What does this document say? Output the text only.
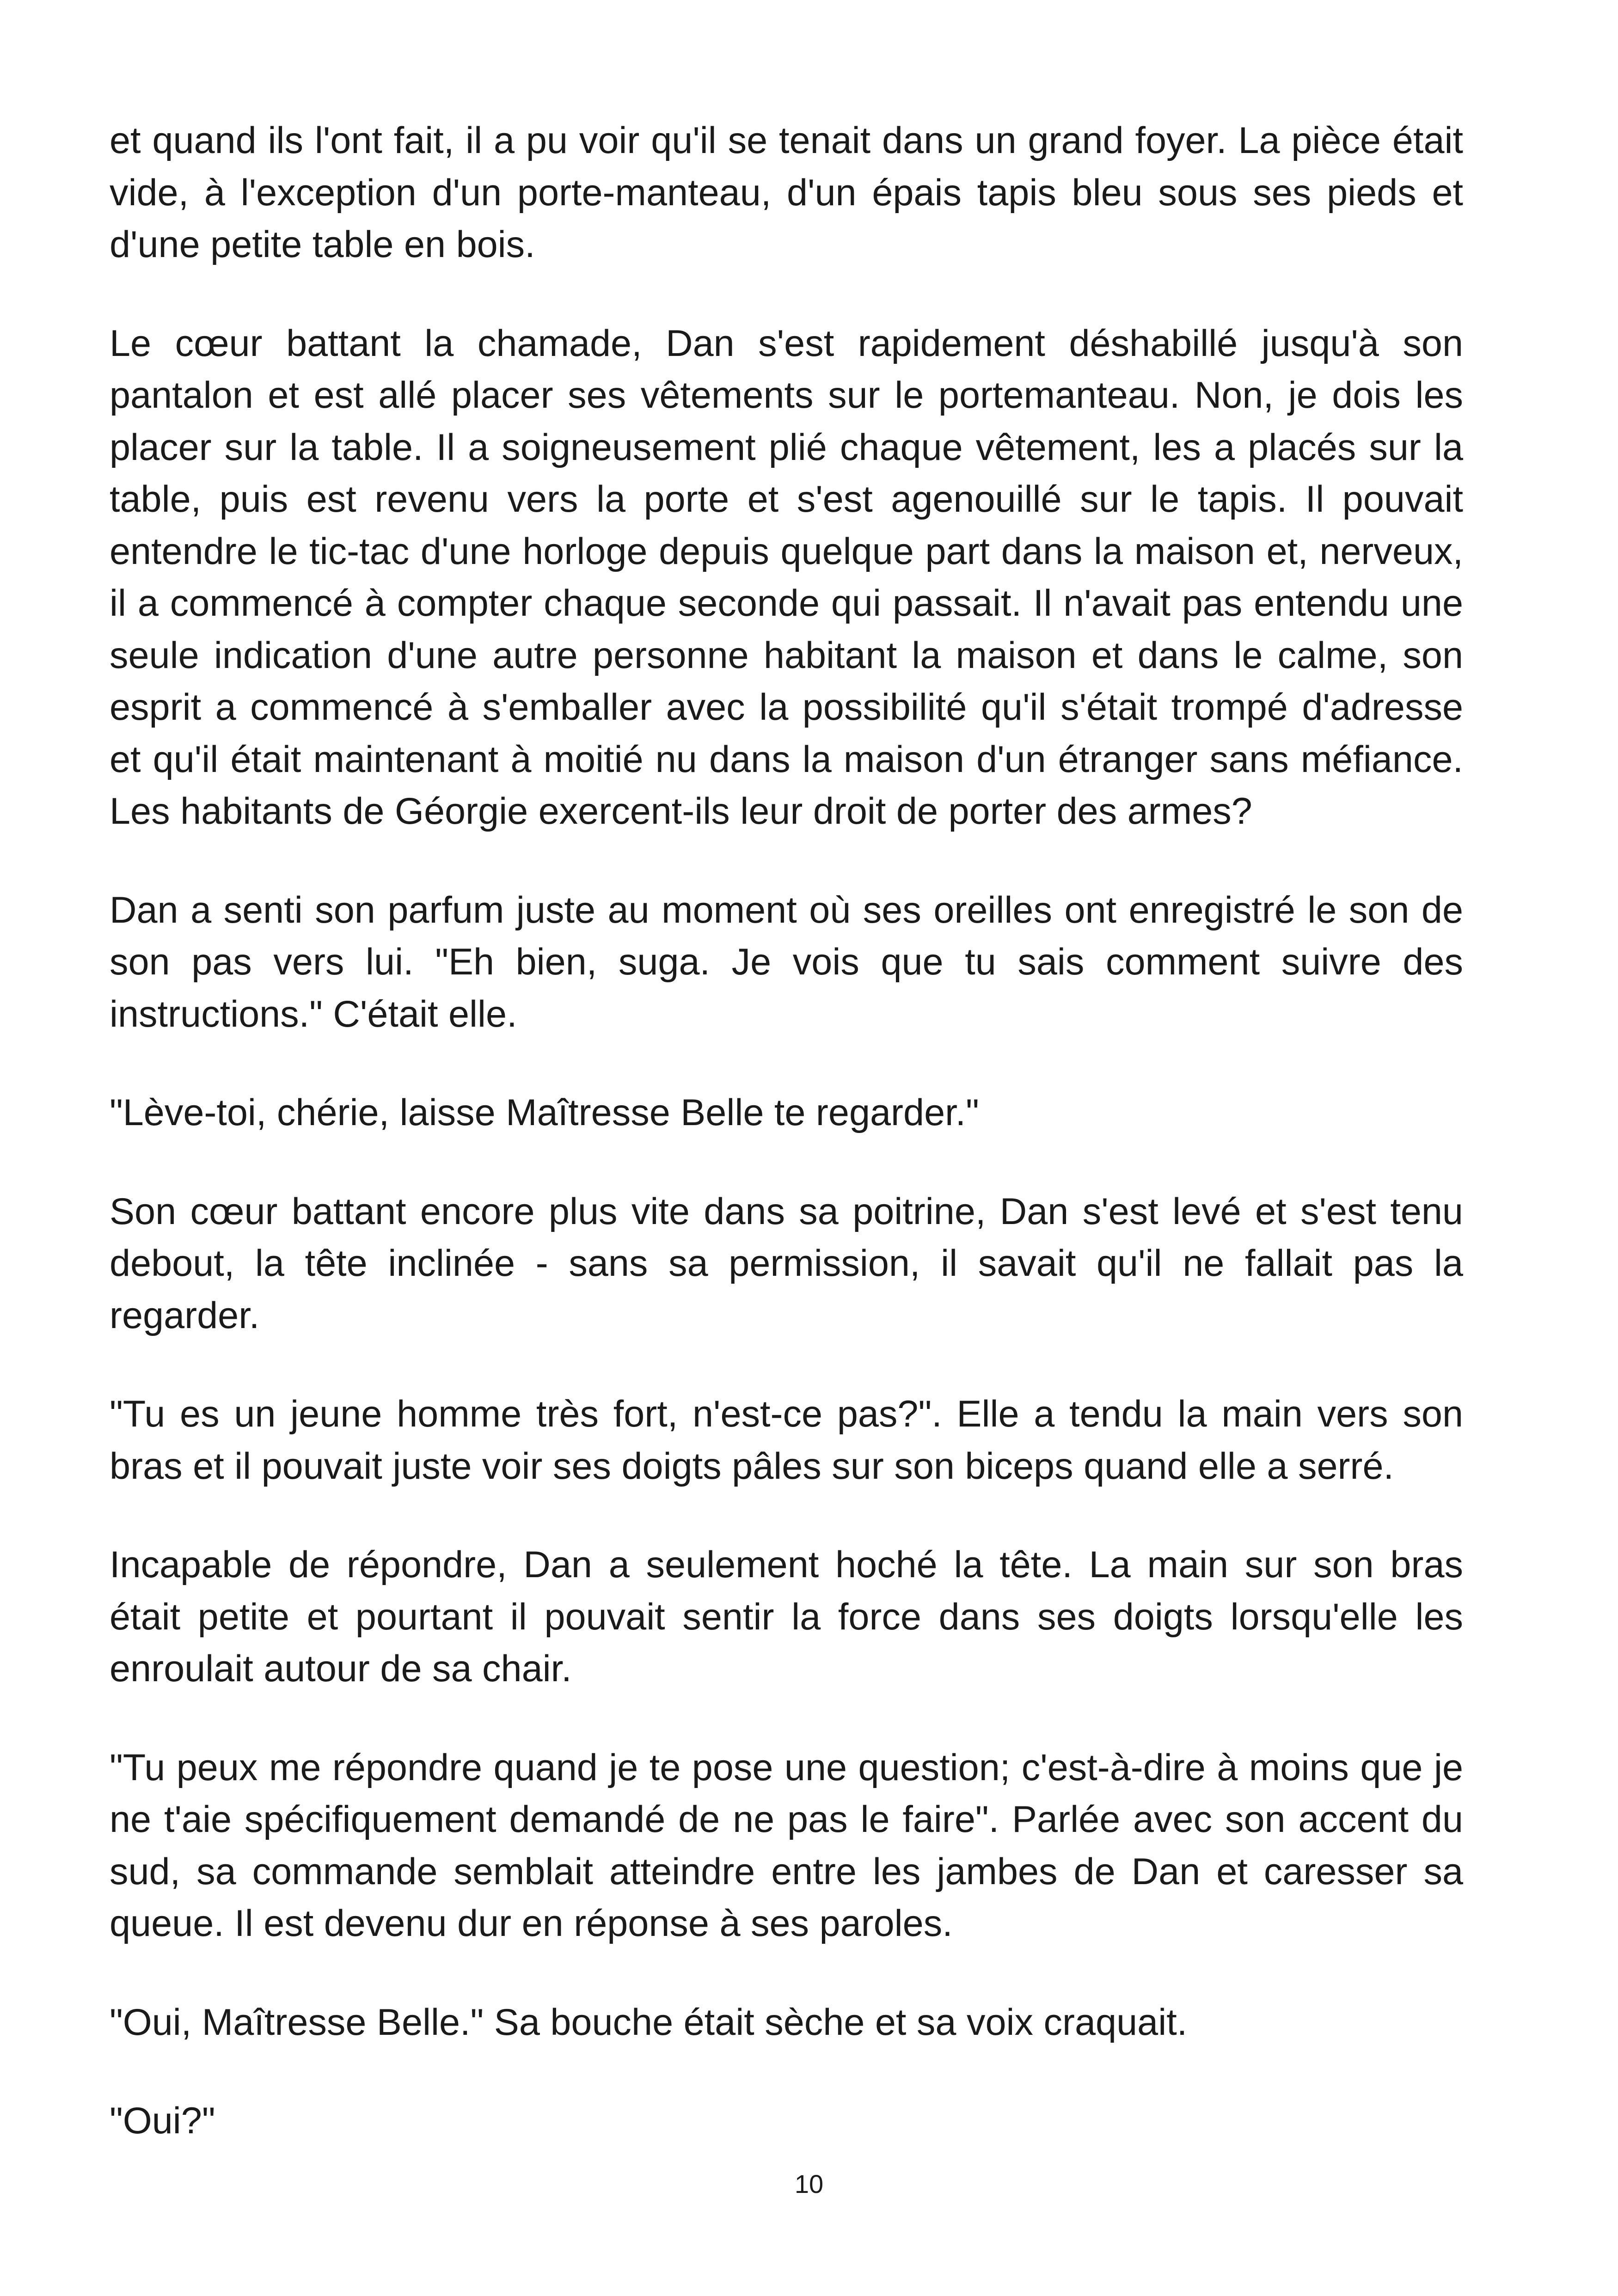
et quand ils l'ont fait, il a pu voir qu'il se tenait dans un grand foyer. La pièce était vide, à l'exception d'un porte-manteau, d'un épais tapis bleu sous ses pieds et d'une petite table en bois.

Le cœur battant la chamade, Dan s'est rapidement déshabillé jusqu'à son pantalon et est allé placer ses vêtements sur le portemanteau. Non, je dois les placer sur la table. Il a soigneusement plié chaque vêtement, les a placés sur la table, puis est revenu vers la porte et s'est agenouillé sur le tapis. Il pouvait entendre le tic-tac d'une horloge depuis quelque part dans la maison et, nerveux, il a commencé à compter chaque seconde qui passait. Il n'avait pas entendu une seule indication d'une autre personne habitant la maison et dans le calme, son esprit a commencé à s'emballer avec la possibilité qu'il s'était trompé d'adresse et qu'il était maintenant à moitié nu dans la maison d'un étranger sans méfiance. Les habitants de Géorgie exercent-ils leur droit de porter des armes?

Dan a senti son parfum juste au moment où ses oreilles ont enregistré le son de son pas vers lui. "Eh bien, suga. Je vois que tu sais comment suivre des instructions." C'était elle.

"Lève-toi, chérie, laisse Maîtresse Belle te regarder."

Son cœur battant encore plus vite dans sa poitrine, Dan s'est levé et s'est tenu debout, la tête inclinée - sans sa permission, il savait qu'il ne fallait pas la regarder.

"Tu es un jeune homme très fort, n'est-ce pas?". Elle a tendu la main vers son bras et il pouvait juste voir ses doigts pâles sur son biceps quand elle a serré.

Incapable de répondre, Dan a seulement hoché la tête. La main sur son bras était petite et pourtant il pouvait sentir la force dans ses doigts lorsqu'elle les enroulait autour de sa chair.

"Tu peux me répondre quand je te pose une question; c'est-à-dire à moins que je ne t'aie spécifiquement demandé de ne pas le faire". Parlée avec son accent du sud, sa commande semblait atteindre entre les jambes de Dan et caresser sa queue. Il est devenu dur en réponse à ses paroles.

"Oui, Maîtresse Belle." Sa bouche était sèche et sa voix craquait.

"Oui?"

10
